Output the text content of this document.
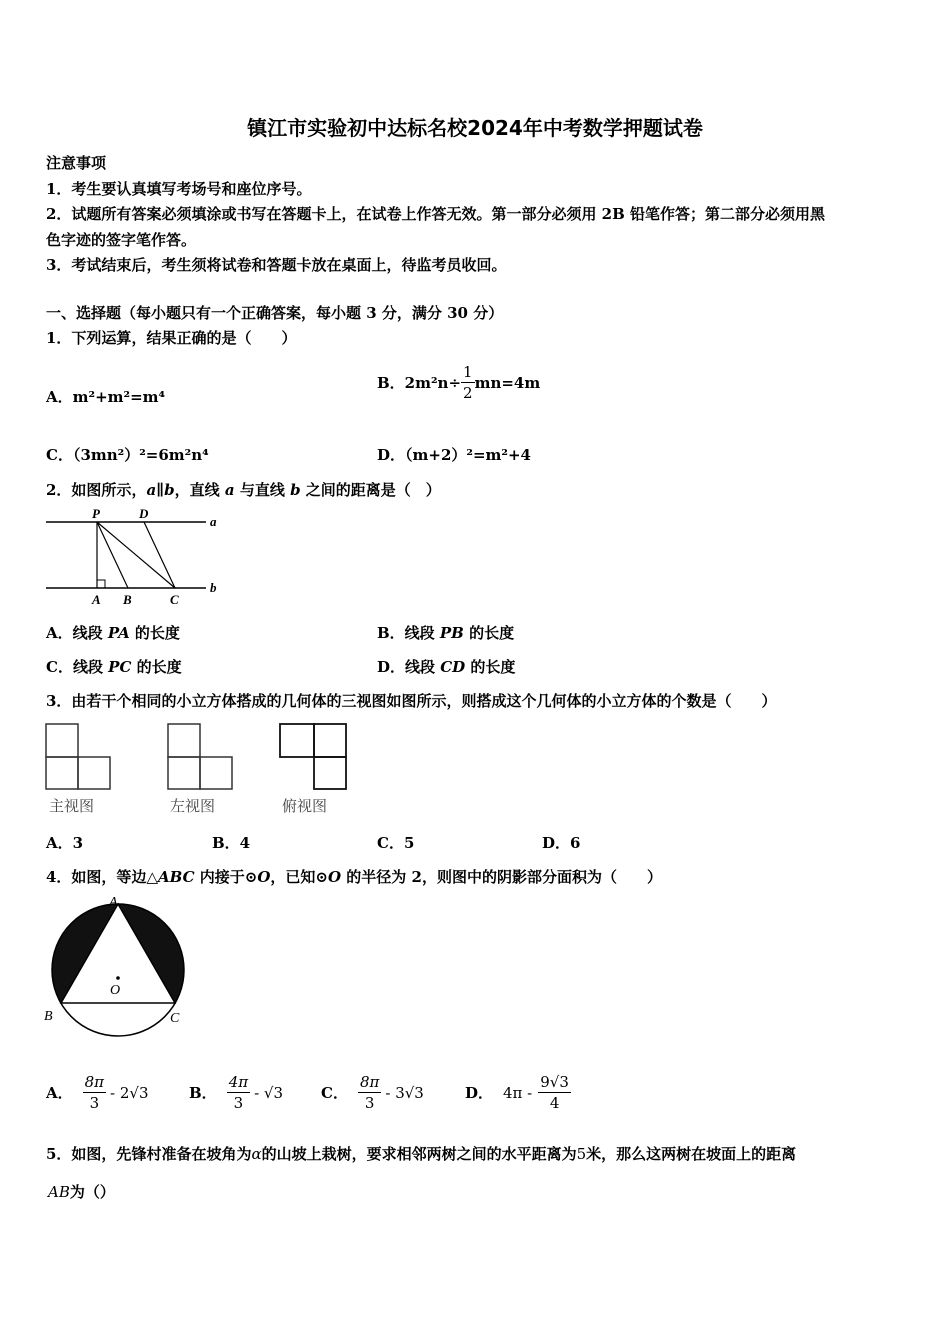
镇江市实验初中达标名校2024年中考数学押题试卷
注意事项
1．考生要认真填写考场号和座位序号。
2．试题所有答案必须填涂或书写在答题卡上，在试卷上作答无效。第一部分必须用 2B 铅笔作答；第二部分必须用黑
色字迹的签字笔作答。
3．考试结束后，考生须将试卷和答题卡放在桌面上，待监考员收回。
一、选择题（每小题只有一个正确答案，每小题 3 分，满分 30 分）
1．下列运算，结果正确的是（　　）
A．m²+m²=m⁴
B．$2m^2n\div \frac{1}{2} mn=4m$
C．（3mn²）²=6m²n⁴	D．（m+2）²=m²+4
2．如图所示，a∥b，直线 a 与直线 b 之间的距离是（　）
P	D
a
A B	C
b
A．线段 PA 的长度	B．线段 PB 的长度
C．线段 PC 的长度	D．线段 CD 的长度
3．由若干个相同的小立方体搭成的几何体的三视图如图所示，则搭成这个几何体的小立方体的个数是（　　）
主视图	左视图	俯视图
A．3	B．4	C．5	D．6
4．如图，等边△ABC 内接于⊙O，已知⊙O 的半径为 2，则图中的阴影部分面积为（　　）
O
A
B	C
A． $\frac{8\pi}{3} - 2√3$	B． $\frac{4\pi}{3} - √3$	C． $\frac{8\pi}{3} - 3√3$	D． $4\pi - \frac{9√3}{4}$
5．如图，先锋村准备在坡角为α的山坡上栽树，要求相邻两树之间的水平距离为5米，那么这两树在坡面上的距离
AB为（）
